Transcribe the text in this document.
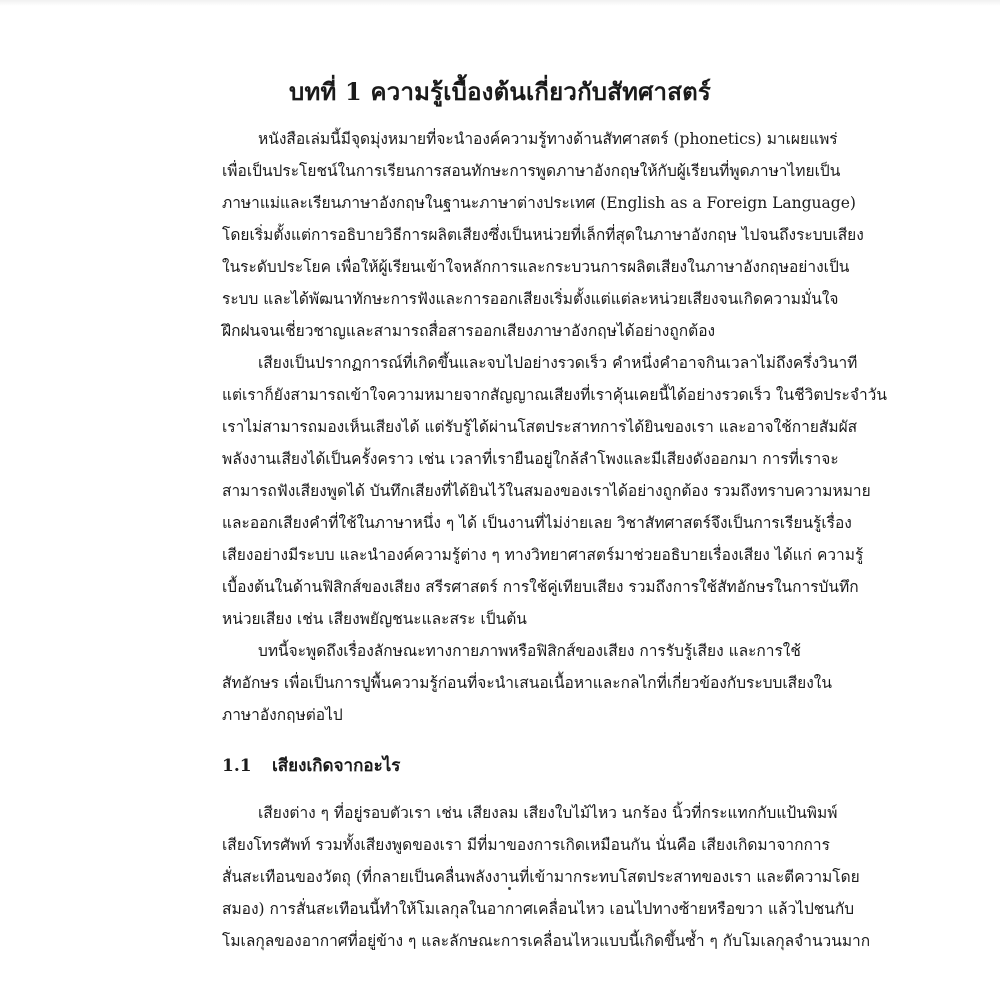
บทที่ 1 ความรู้เบื้องต้นเกี่ยวกับสัทศาสตร์

หนังสือเล่มนี้มีจุดมุ่งหมายที่จะนำองค์ความรู้ทางด้านสัทศาสตร์ (phonetics) มาเผยแพร่

เพื่อเป็นประโยชน์ในการเรียนการสอนทักษะการพูดภาษาอังกฤษให้กับผู้เรียนที่พูดภาษาไทยเป็น

ภาษาแม่และเรียนภาษาอังกฤษในฐานะภาษาต่างประเทศ (English as a Foreign Language)

โดยเริ่มตั้งแต่การอธิบายวิธีการผลิตเสียงซึ่งเป็นหน่วยที่เล็กที่สุดในภาษาอังกฤษ ไปจนถึงระบบเสียง

ในระดับประโยค เพื่อให้ผู้เรียนเข้าใจหลักการและกระบวนการผลิตเสียงในภาษาอังกฤษอย่างเป็น

ระบบ และได้พัฒนาทักษะการฟังและการออกเสียงเริ่มตั้งแต่แต่ละหน่วยเสียงจนเกิดความมั่นใจ

ฝึกฝนจนเชี่ยวชาญและสามารถสื่อสารออกเสียงภาษาอังกฤษได้อย่างถูกต้อง

เสียงเป็นปรากฏการณ์ที่เกิดขึ้นและจบไปอย่างรวดเร็ว คำหนึ่งคำอาจกินเวลาไม่ถึงครึ่งวินาที

แต่เราก็ยังสามารถเข้าใจความหมายจากสัญญาณเสียงที่เราคุ้นเคยนี้ได้อย่างรวดเร็ว ในชีวิตประจำวัน

เราไม่สามารถมองเห็นเสียงได้ แต่รับรู้ได้ผ่านโสตประสาทการได้ยินของเรา และอาจใช้กายสัมผัส

พลังงานเสียงได้เป็นครั้งคราว เช่น เวลาที่เรายืนอยู่ใกล้ลำโพงและมีเสียงดังออกมา การที่เราจะ

สามารถฟังเสียงพูดได้ บันทึกเสียงที่ได้ยินไว้ในสมองของเราได้อย่างถูกต้อง รวมถึงทราบความหมาย

และออกเสียงคำที่ใช้ในภาษาหนึ่ง ๆ ได้ เป็นงานที่ไม่ง่ายเลย วิชาสัทศาสตร์จึงเป็นการเรียนรู้เรื่อง

เสียงอย่างมีระบบ และนำองค์ความรู้ต่าง ๆ ทางวิทยาศาสตร์มาช่วยอธิบายเรื่องเสียง ได้แก่ ความรู้

เบื้องต้นในด้านฟิสิกส์ของเสียง สรีรศาสตร์ การใช้คู่เทียบเสียง รวมถึงการใช้สัทอักษรในการบันทึก

หน่วยเสียง เช่น เสียงพยัญชนะและสระ เป็นต้น

บทนี้จะพูดถึงเรื่องลักษณะทางกายภาพหรือฟิสิกส์ของเสียง การรับรู้เสียง และการใช้

สัทอักษร เพื่อเป็นการปูพื้นความรู้ก่อนที่จะนำเสนอเนื้อหาและกลไกที่เกี่ยวข้องกับระบบเสียงใน

ภาษาอังกฤษต่อไป

1.1 เสียงเกิดจากอะไร

เสียงต่าง ๆ ที่อยู่รอบตัวเรา เช่น เสียงลม เสียงใบไม้ไหว นกร้อง นิ้วที่กระแทกกับแป้นพิมพ์

เสียงโทรศัพท์ รวมทั้งเสียงพูดของเรา มีที่มาของการเกิดเหมือนกัน นั่นคือ เสียงเกิดมาจากการ

สั่นสะเทือนของวัตถุ (ที่กลายเป็นคลื่นพลังงานที่เข้ามากระทบโสตประสาทของเรา และตีความโดย

สมอง) การสั่นสะเทือนนี้ทำให้โมเลกุลในอากาศเคลื่อนไหว เอนไปทางซ้ายหรือขวา แล้วไปชนกับ

โมเลกุลของอากาศที่อยู่ข้าง ๆ และลักษณะการเคลื่อนไหวแบบนี้เกิดขึ้นซ้ำ ๆ กับโมเลกุลจำนวนมาก
